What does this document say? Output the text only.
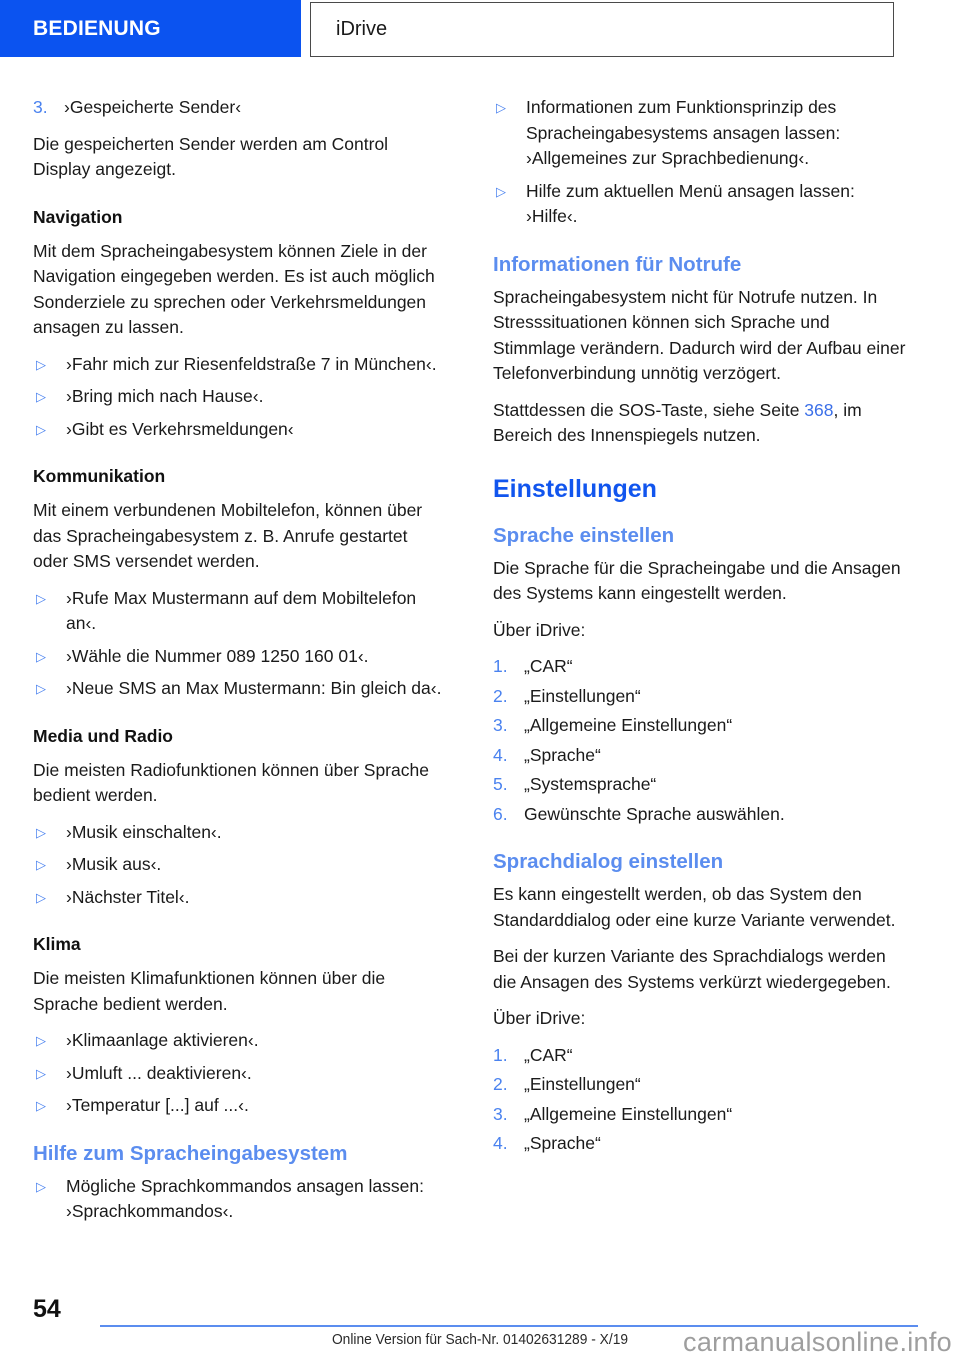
BEDIENUNG	iDrive
3. ›Gespeicherte Sender‹

Die gespeicherten Sender werden am Control Display angezeigt.

Navigation

Mit dem Spracheingabesystem können Ziele in der Navigation eingegeben werden. Es ist auch möglich Sonderziele zu sprechen oder Verkehrsmeldungen ansagen zu lassen.

▷	›Fahr mich zur Riesenfeldstraße 7 in München‹.
▷	›Bring mich nach Hause‹.
▷	›Gibt es Verkehrsmeldungen‹
Kommunikation

Mit einem verbundenen Mobiltelefon, können über das Spracheingabesystem z. B. Anrufe gestartet oder SMS versendet werden.

▷	›Rufe Max Mustermann auf dem Mobiltelefon an‹.
▷	›Wähle die Nummer 089 1250 160 01‹.
▷	›Neue SMS an Max Mustermann: Bin gleich da‹.
Media und Radio

Die meisten Radiofunktionen können über Sprache bedient werden.

▷	›Musik einschalten‹.
▷	›Musik aus‹.
▷	›Nächster Titel‹.
Klima

Die meisten Klimafunktionen können über die Sprache bedient werden.

▷	›Klimaanlage aktivieren‹.
▷	›Umluft ... deaktivieren‹.
▷	›Temperatur [...] auf ...‹.
Hilfe zum Spracheingabesystem
▷	Mögliche Sprachkommandos ansagen lassen: ›Sprachkommandos‹.
▷	Informationen zum Funktionsprinzip des Spracheingabesystems ansagen lassen: ›Allgemeines zur Sprachbedienung‹.
▷	Hilfe zum aktuellen Menü ansagen lassen: ›Hilfe‹.
Informationen für Notrufe

Spracheingabesystem nicht für Notrufe nutzen. In Stresssituationen können sich Sprache und Stimmlage verändern. Dadurch wird der Aufbau einer Telefonverbindung unnötig verzögert.

Stattdessen die SOS-Taste, siehe Seite 368, im Bereich des Innenspiegels nutzen.

Einstellungen
Sprache einstellen

Die Sprache für die Spracheingabe und die Ansagen des Systems kann eingestellt werden.

Über iDrive:

1. „CAR“
2. „Einstellungen“
3. „Allgemeine Einstellungen“
4. „Sprache“
5. „Systemsprache“
6. Gewünschte Sprache auswählen.
Sprachdialog einstellen

Es kann eingestellt werden, ob das System den Standarddialog oder eine kurze Variante verwendet.

Bei der kurzen Variante des Sprachdialogs werden die Ansagen des Systems verkürzt wiedergegeben.

Über iDrive:

1. „CAR“
2. „Einstellungen“
3. „Allgemeine Einstellungen“
4. „Sprache“
54
Online Version für Sach-Nr. 01402631289 - X/19	carmanualsonline.info
